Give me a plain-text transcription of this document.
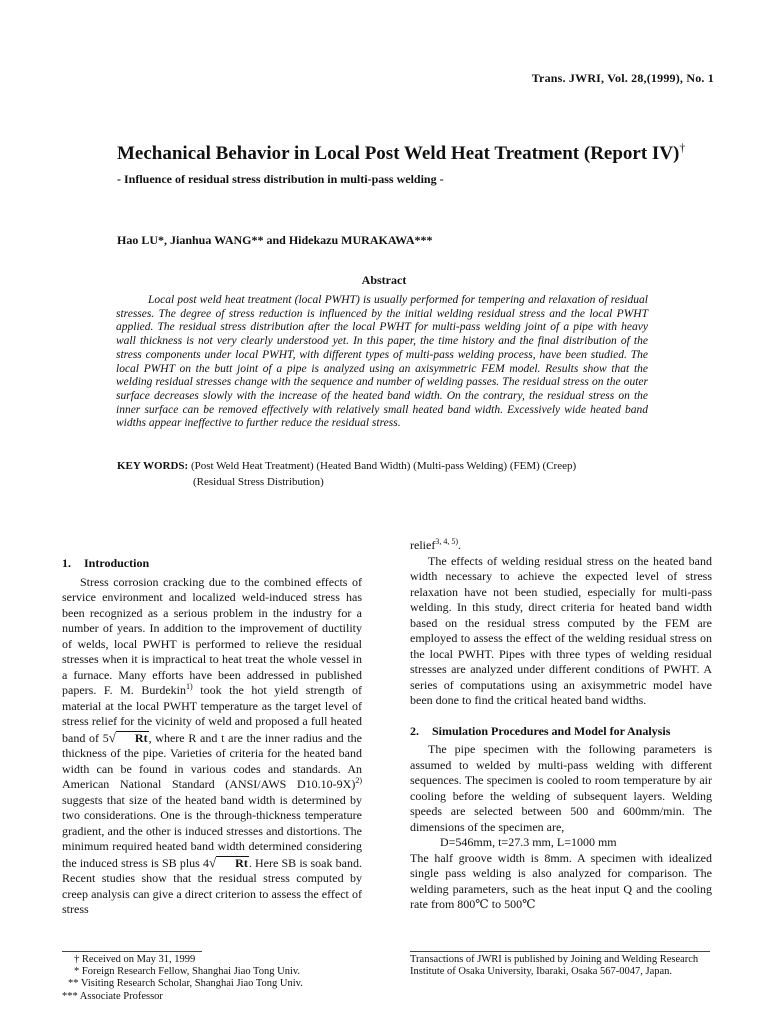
Trans. JWRI, Vol. 28,(1999), No. 1
Mechanical Behavior in Local Post Weld Heat Treatment (Report IV)†
- Influence of residual stress distribution in multi-pass welding -
Hao LU*, Jianhua WANG** and Hidekazu MURAKAWA***
Abstract
Local post weld heat treatment (local PWHT) is usually performed for tempering and relaxation of residual stresses. The degree of stress reduction is influenced by the initial welding residual stress and the local PWHT applied. The residual stress distribution after the local PWHT for multi-pass welding joint of a pipe with heavy wall thickness is not very clearly understood yet. In this paper, the time history and the final distribution of the stress components under local PWHT, with different types of multi-pass welding process, have been studied. The local PWHT on the butt joint of a pipe is analyzed using an axisymmetric FEM model. Results show that the welding residual stresses change with the sequence and number of welding passes. The residual stress on the outer surface decreases slowly with the increase of the heated band width. On the contrary, the residual stress on the inner surface can be removed effectively with relatively small heated band width. Excessively wide heated band widths appear ineffective to further reduce the residual stress.
KEY WORDS: (Post Weld Heat Treatment) (Heated Band Width) (Multi-pass Welding) (FEM) (Creep)
(Residual Stress Distribution)
1. Introduction

Stress corrosion cracking due to the combined effects of service environment and localized weld-induced stress has been recognized as a serious problem in the industry for a number of years. In addition to the improvement of ductility of welds, local PWHT is performed to relieve the residual stresses when it is impractical to heat treat the whole vessel in a furnace. Many efforts have been addressed in published papers. F. M. Burdekin$^{1)}$ took the hot yield strength of material at the local PWHT temperature as the target level of stress relief for the vicinity of weld and proposed a full heated band of 5√ Rt, where R and t are the inner radius and the thickness of the pipe. Varieties of criteria for the heated band width can be found in various codes and standards. An American National Standard (ANSI/AWS D10.10-9X)$^{2)}$ suggests that size of the heated band width is determined by two considerations. One is the through-thickness temperature gradient, and the other is induced stresses and distortions. The minimum required heated band width determined considering the induced stress is SB plus 4√ Rt. Here SB is soak band. Recent studies show that the residual stress computed by creep analysis can give a direct criterion to assess the effect of stress

relief$^{3, 4, 5)}$.

The effects of welding residual stress on the heated band width necessary to achieve the expected level of stress relaxation have not been studied, especially for multi-pass welding. In this study, direct criteria for heated band width based on the residual stress computed by the FEM are employed to assess the effect of the welding residual stress on the local PWHT. Pipes with three types of welding residual stresses are analyzed under different conditions of PWHT. A series of computations using an axisymmetric model have been done to find the critical heated band widths.

2. Simulation Procedures and Model for Analysis

The pipe specimen with the following parameters is assumed to welded by multi-pass welding with different sequences. The specimen is cooled to room temperature by air cooling before the welding of subsequent layers. Welding speeds are selected between 500 and 600mm/min. The dimensions of the specimen are,

D=546mm, t=27.3 mm, L=1000 mm

The half groove width is 8mm. A specimen with idealized single pass welding is also analyzed for comparison. The welding parameters, such as the heat input Q and the cooling rate from 800℃ to 500℃

† Received on May 31, 1999
* Foreign Research Fellow, Shanghai Jiao Tong Univ.
** Visiting Research Scholar, Shanghai Jiao Tong Univ.
*** Associate Professor
Transactions of JWRI is published by Joining and Welding Research Institute of Osaka University, Ibaraki, Osaka 567-0047, Japan.
